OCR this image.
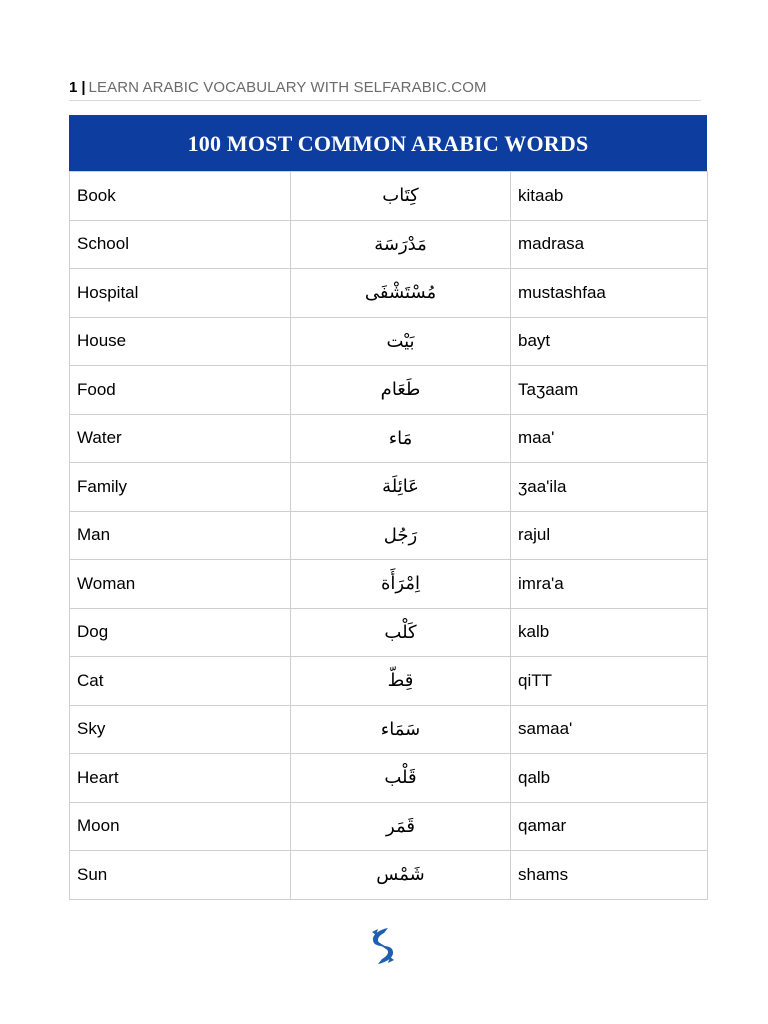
1 | LEARN ARABIC VOCABULARY WITH SELFARABIC.COM
100 MOST COMMON ARABIC WORDS
Book	كِتَاب	kitaab
School	مَدْرَسَة	madrasa
Hospital	مُسْتَشْفَى	mustashfaa
House	بَيْت	bayt
Food	طَعَام	Taʒaam
Water	مَاء	maa'
Family	عَائِلَة	ʒaa'ila
Man	رَجُل	rajul
Woman	اِمْرَأَة	imra'a
Dog	كَلْب	kalb
Cat	قِطّ	qiTT
Sky	سَمَاء	samaa'
Heart	قَلْب	qalb
Moon	قَمَر	qamar
Sun	شَمْس	shams
